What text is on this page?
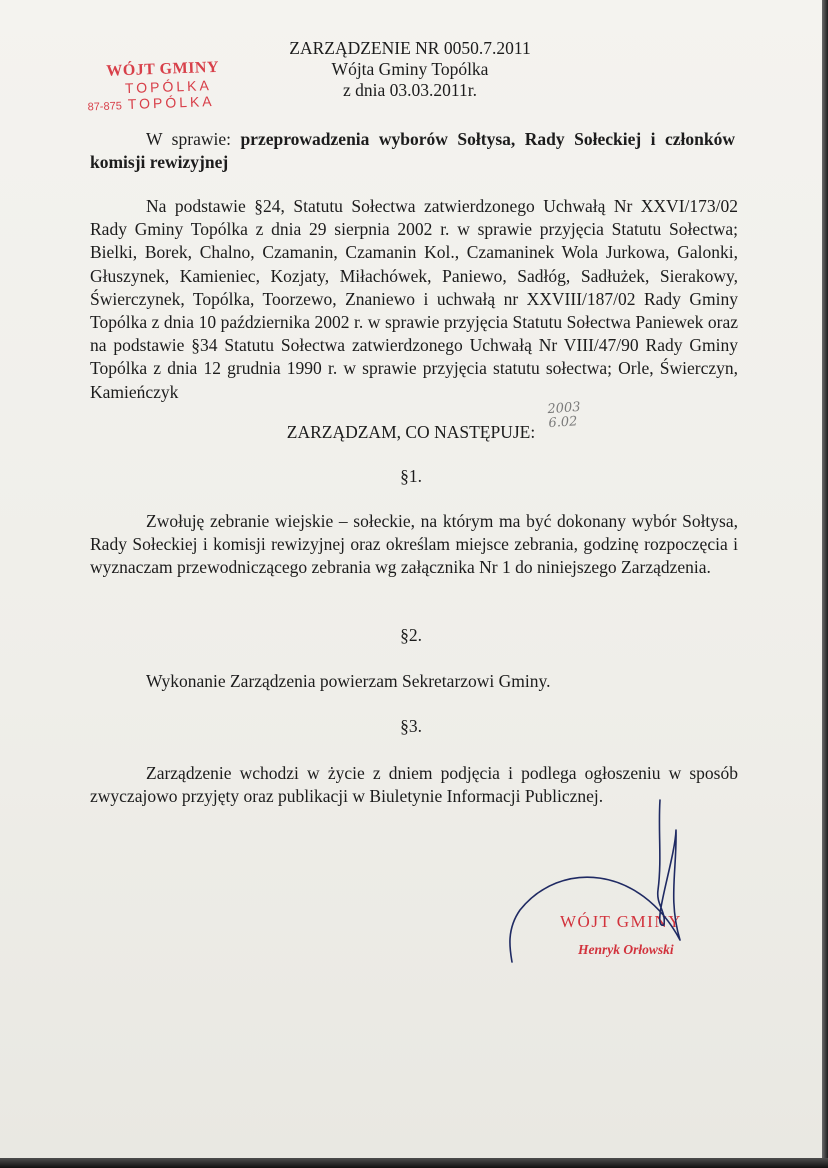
WÓJT GMINY
TOPÓLKA
87-875 TOPÓLKA
ZARZĄDZENIE NR 0050.7.2011
Wójta Gminy Topólka
z dnia 03.03.2011r.
W sprawie: przeprowadzenia wyborów Sołtysa, Rady Sołeckiej i członków komisji rewizyjnej
Na podstawie §24, Statutu Sołectwa zatwierdzonego Uchwałą Nr XXVI/173/02 Rady Gminy Topólka z dnia 29 sierpnia 2002 r. w sprawie przyjęcia Statutu Sołectwa; Bielki, Borek, Chalno, Czamanin, Czamanin Kol., Czamaninek Wola Jurkowa, Galonki, Głuszynek, Kamieniec, Kozjaty, Miłachówek, Paniewo, Sadłóg, Sadłużek, Sierakowy, Świerczynek, Topólka, Toorzewo, Znaniewo i uchwałą nr XXVIII/187/02 Rady Gminy Topólka z dnia 10 października 2002 r. w sprawie przyjęcia Statutu Sołectwa Paniewek oraz na podstawie §34 Statutu Sołectwa zatwierdzonego Uchwałą Nr VIII/47/90 Rady Gminy Topólka z dnia 12 grudnia 1990 r. w sprawie przyjęcia statutu sołectwa; Orle, Świerczyn, Kamieńczyk
2003
6.02
ZARZĄDZAM, CO NASTĘPUJE:
§1.
Zwołuję zebranie wiejskie – sołeckie, na którym ma być dokonany wybór Sołtysa, Rady Sołeckiej i komisji rewizyjnej oraz określam miejsce zebrania, godzinę rozpoczęcia i wyznaczam przewodniczącego zebrania wg załącznika Nr 1 do niniejszego Zarządzenia.
§2.
Wykonanie Zarządzenia powierzam Sekretarzowi Gminy.
§3.
Zarządzenie wchodzi w życie z dniem podjęcia i podlega ogłoszeniu w sposób zwyczajowo przyjęty oraz publikacji w Biuletynie Informacji Publicznej.
WÓJT GMINY
Henryk Orłowski
